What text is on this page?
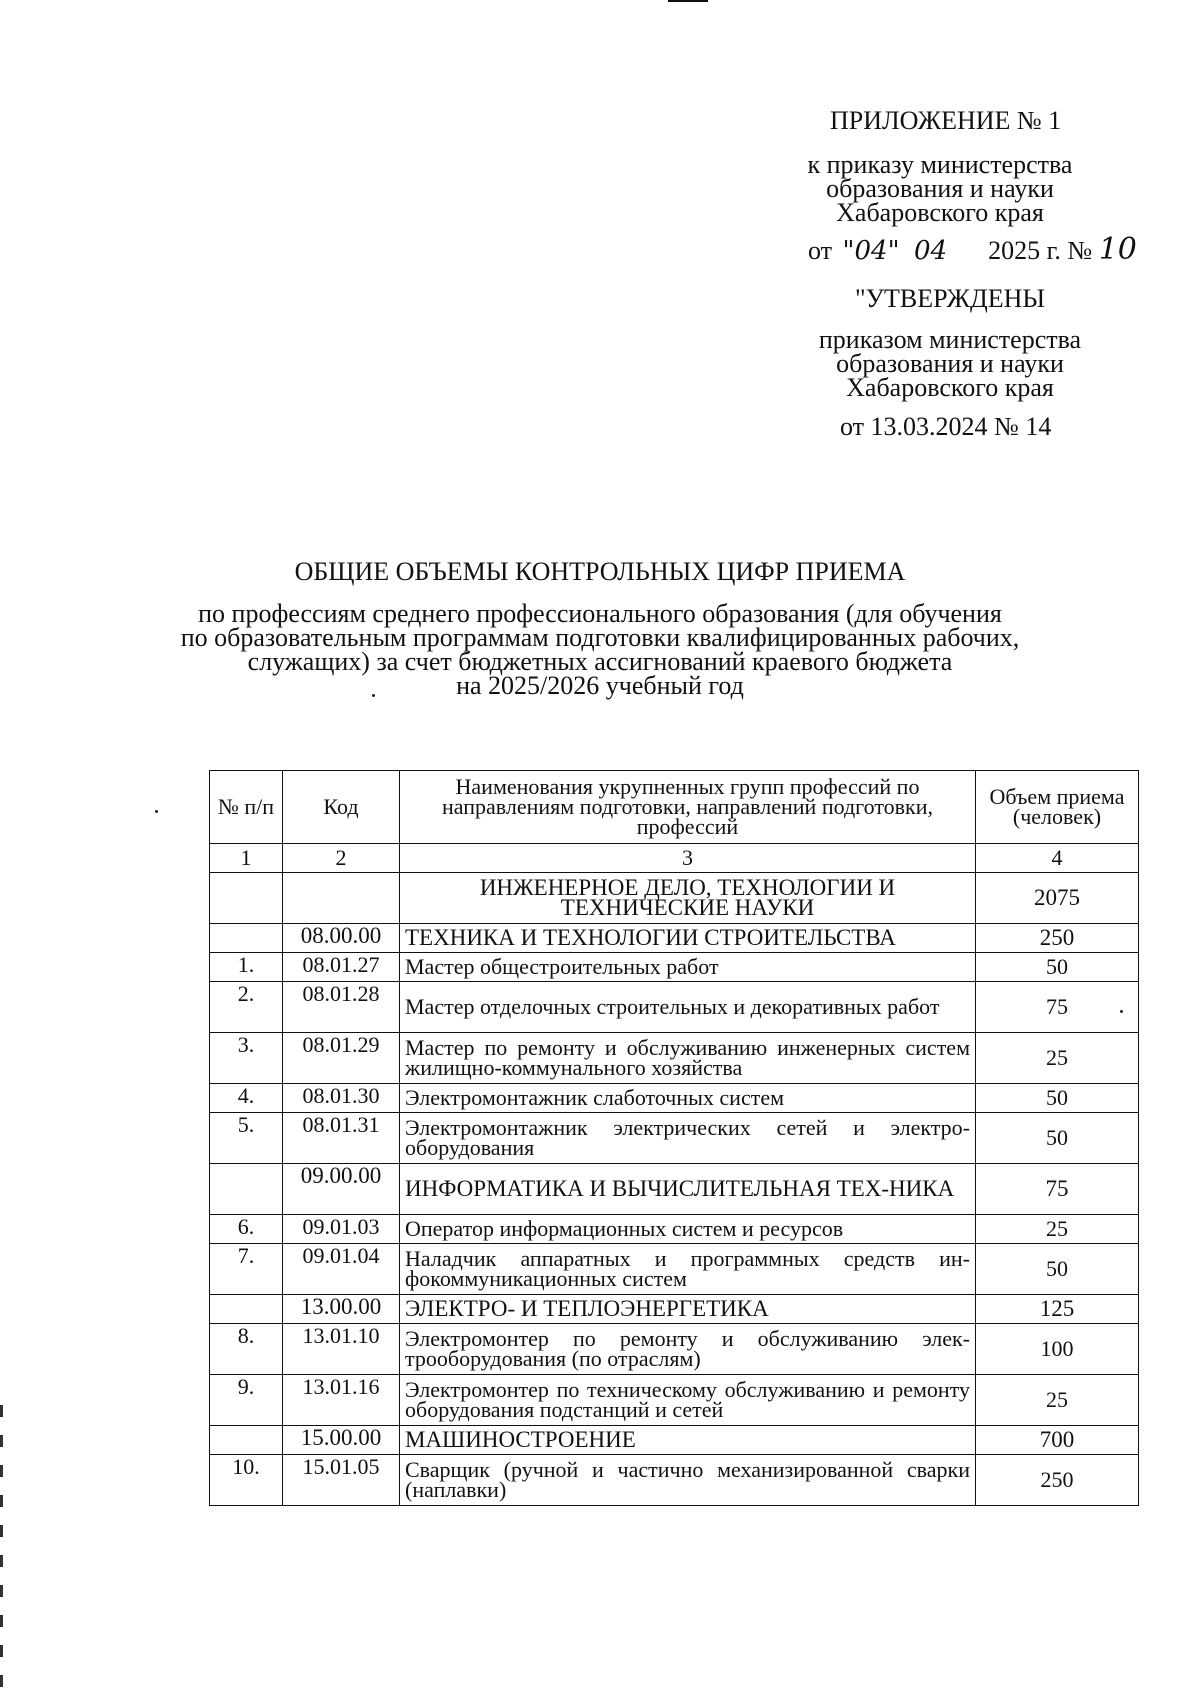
ПРИЛОЖЕНИЕ № 1
к приказу министерства
образования и науки
Хабаровского края
от "04" 04 2025 г. № 10
"УТВЕРЖДЕНЫ
приказом министерства
образования и науки
Хабаровского края
от 13.03.2024 № 14
ОБЩИЕ ОБЪЕМЫ КОНТРОЛЬНЫХ ЦИФР ПРИЕМА
по профессиям среднего профессионального образования (для обучения
по образовательным программам подготовки квалифицированных рабочих,
служащих) за счет бюджетных ассигнований краевого бюджета
на 2025/2026 учебный год
№ п/п	Код	Наименования укрупненных групп профессий по направлениям подготовки, направлений подготовки, профессий	Объем приема (человек)
1	2	3	4
		ИНЖЕНЕРНОЕ ДЕЛО, ТЕХНОЛОГИИ И ТЕХНИЧЕСКИЕ НАУКИ	2075
	08.00.00	ТЕХНИКА И ТЕХНОЛОГИИ СТРОИТЕЛЬСТВА	250
1.	08.01.27	Мастер общестроительных работ	50
2.	08.01.28	Мастер отделочных строительных и декоративных работ	75
3.	08.01.29	Мастер по ремонту и обслуживанию инженерных систем жилищно-коммунального хозяйства	25
4.	08.01.30	Электромонтажник слаботочных систем	50
5.	08.01.31	Электромонтажник электрических сетей и электро-оборудования	50
	09.00.00	ИНФОРМАТИКА И ВЫЧИСЛИТЕЛЬНАЯ ТЕХ-НИКА	75
6.	09.01.03	Оператор информационных систем и ресурсов	25
7.	09.01.04	Наладчик аппаратных и программных средств ин-фокоммуникационных систем	50
	13.00.00	ЭЛЕКТРО- И ТЕПЛОЭНЕРГЕТИКА	125
8.	13.01.10	Электромонтер по ремонту и обслуживанию элек-трооборудования (по отраслям)	100
9.	13.01.16	Электромонтер по техническому обслуживанию и ремонту оборудования подстанций и сетей	25
	15.00.00	МАШИНОСТРОЕНИЕ	700
10.	15.01.05	Сварщик (ручной и частично механизированной сварки (наплавки)	250
